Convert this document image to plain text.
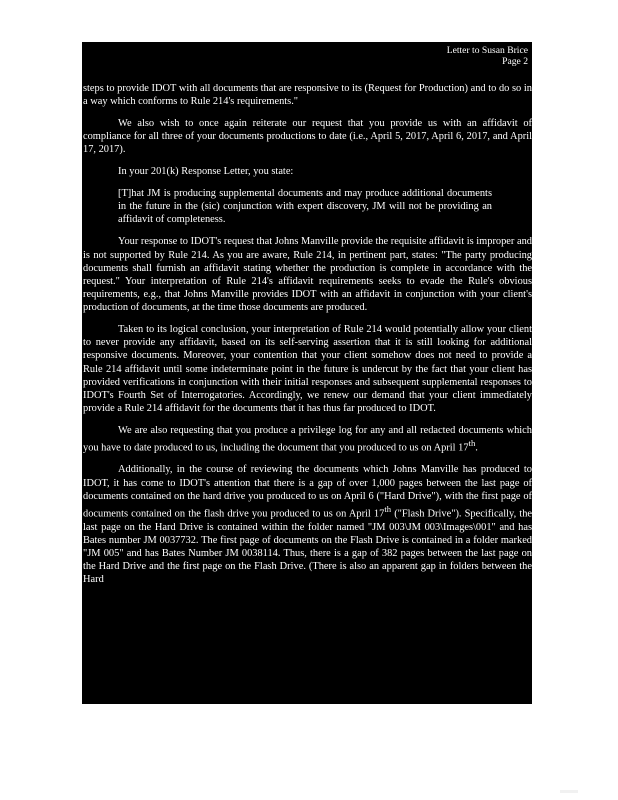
Letter to Susan Brice
Page 2

steps to provide IDOT with all documents that are responsive to its (Request for Production) and to do so in a way which conforms to Rule 214's requirements."

We also wish to once again reiterate our request that you provide us with an affidavit of compliance for all three of your documents productions to date (i.e., April 5, 2017, April 6, 2017, and April 17, 2017).

In your 201(k) Response Letter, you state:

[T]hat JM is producing supplemental documents and may produce additional documents in the future in the (sic) conjunction with expert discovery, JM will not be providing an affidavit of completeness.

Your response to IDOT's request that Johns Manville provide the requisite affidavit is improper and is not supported by Rule 214. As you are aware, Rule 214, in pertinent part, states: "The party producing documents shall furnish an affidavit stating whether the production is complete in accordance with the request." Your interpretation of Rule 214's affidavit requirements seeks to evade the Rule's obvious requirements, e.g., that Johns Manville provides IDOT with an affidavit in conjunction with your client's production of documents, at the time those documents are produced.

Taken to its logical conclusion, your interpretation of Rule 214 would potentially allow your client to never provide any affidavit, based on its self-serving assertion that it is still looking for additional responsive documents. Moreover, your contention that your client somehow does not need to provide a Rule 214 affidavit until some indeterminate point in the future is undercut by the fact that your client has provided verifications in conjunction with their initial responses and subsequent supplemental responses to IDOT's Fourth Set of Interrogatories. Accordingly, we renew our demand that your client immediately provide a Rule 214 affidavit for the documents that it has thus far produced to IDOT.

We are also requesting that you produce a privilege log for any and all redacted documents which you have to date produced to us, including the document that you produced to us on April 17th.

Additionally, in the course of reviewing the documents which Johns Manville has produced to IDOT, it has come to IDOT's attention that there is a gap of over 1,000 pages between the last page of documents contained on the hard drive you produced to us on April 6 ("Hard Drive"), with the first page of documents contained on the flash drive you produced to us on April 17th ("Flash Drive"). Specifically, the last page on the Hard Drive is contained within the folder named "JM 003\JM 003\Images\001" and has Bates number JM 0037732. The first page of documents on the Flash Drive is contained in a folder marked "JM 005" and has Bates Number JM 0038114. Thus, there is a gap of 382 pages between the last page on the Hard Drive and the first page on the Flash Drive. (There is also an apparent gap in folders between the Hard
